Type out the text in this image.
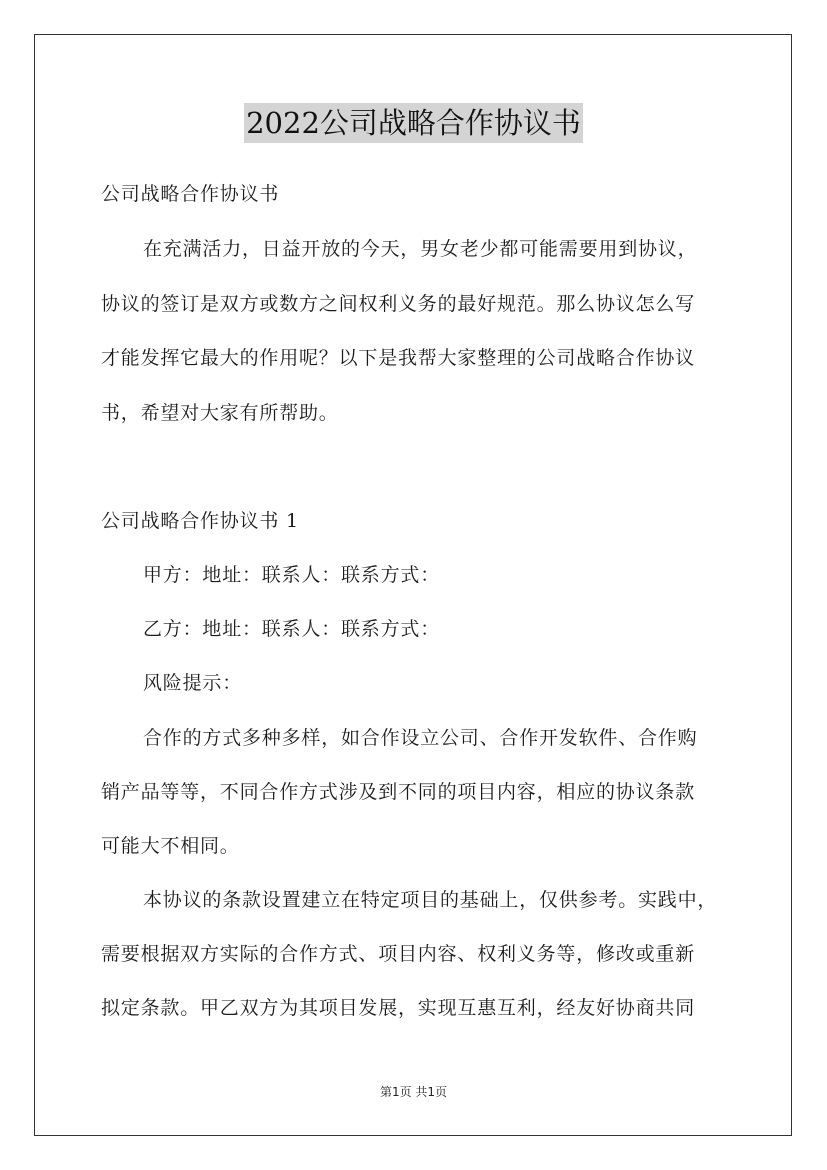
2022公司战略合作协议书
公司战略合作协议书
在充满活力，日益开放的今天，男女老少都可能需要用到协议，
协议的签订是双方或数方之间权利义务的最好规范。那么协议怎么写
才能发挥它最大的作用呢？以下是我帮大家整理的公司战略合作协议
书，希望对大家有所帮助。
公司战略合作协议书 1
甲方：地址：联系人：联系方式：
乙方：地址：联系人：联系方式：
风险提示：
合作的方式多种多样，如合作设立公司、合作开发软件、合作购
销产品等等，不同合作方式涉及到不同的项目内容，相应的协议条款
可能大不相同。
本协议的条款设置建立在特定项目的基础上，仅供参考。实践中，
需要根据双方实际的合作方式、项目内容、权利义务等，修改或重新
拟定条款。甲乙双方为其项目发展，实现互惠互利，经友好协商共同
第1页 共1页
